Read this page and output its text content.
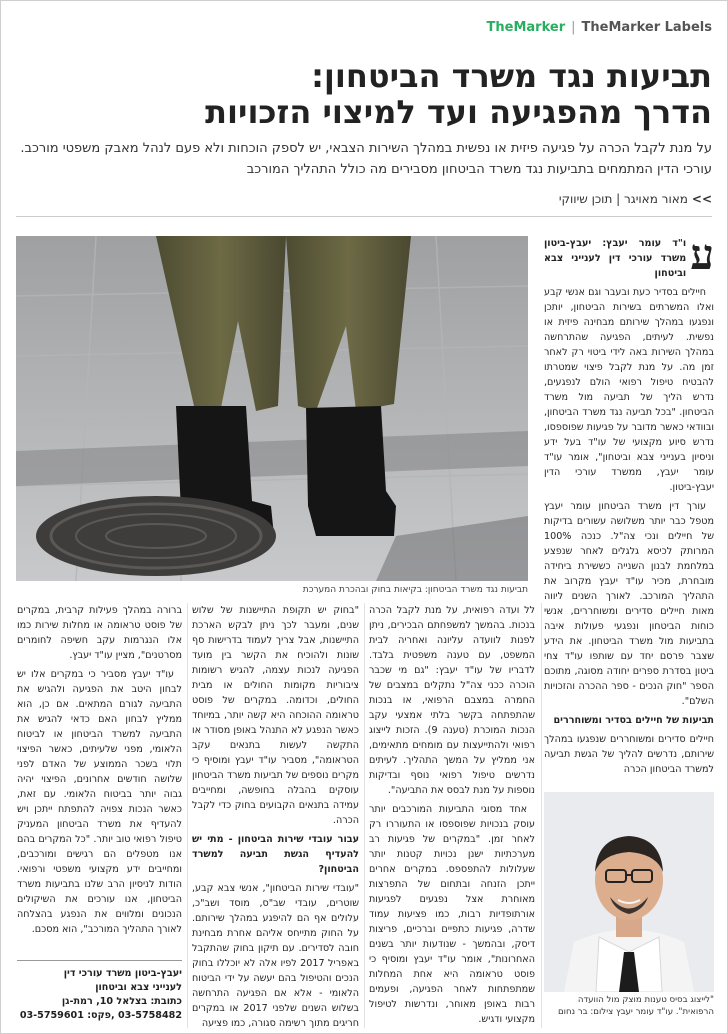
TheMarker | TheMarker Labels
תביעות נגד משרד הביטחון:
הדרך מהפגיעה ועד למיצוי הזכויות
על מנת לקבל הכרה על פגיעה פיזית או נפשית במהלך השירות הצבאי, יש לספק הוכחות ולא פעם לנהל מאבק משפטי מורכב. עורכי הדין המתמחים בתביעות נגד משרד הביטחון מסבירים מה כולל התהליך המורכב
>>מאור מאויגר | תוכן שיווקי
תביעות נגד משרד הביטחון: בקיאות בחוק ובהכרת המערכת
ע

ו"ד עומר יעבץ: יעבץ-ביטון משרד עורכי דין לענייני צבא וביטחון

חיילים בסדיר כעת ובעבר וגם אנשי קבע ואלו המשרתים בשירות הביטחון, יותכן ונפגעו במהלך שירותם מבחינה פיזית או נפשית. לעיתים, הפגיעה שהתרחשה במהלך השירות באה לידי ביטוי רק לאחר זמן מה. על מנת לקבל פיצוי שמטרתו להבטיח טיפול רפואי הולם לנפגעים, נדרש הליך של תביעה מול משרד הביטחון. "בכל תביעה נגד משרד הביטחון, ובוודאי כאשר מדובר על פגיעות שפוספסו, נדרש סיוע מקצועי של עו"ד בעל ידע וניסיון בענייני צבא וביטחון", אומר עו"ד עומר יעבץ, ממשרד עורכי הדין יעבץ-ביטון.

עורך דין משרד הביטחון עומר יעבץ מטפל כבר יותר משלושה עשורים בדיקות של חיילים ונכי צה"ל. כנכה 100% המרותק לכיסא גלגלים לאחר שנפצע במלחמת לבנון השנייה כששירת ביחידה מובחרת, מכיר עו"ד יעבץ מקרוב את התהליך המורכב. לאורך השנים ליווה מאות חיילים סדירים ומשוחררים, אנשי כוחות הביטחון ונפגעי פעולות איבה בתביעות מול משרד הביטחון. את הידע שצבר פרסם יחד עם שותפו עו"ד צחי ביטון בסדרת ספרים יחודה מסוגה, מתוכם הספר "חוק הנכים - ספר ההכרה והזכויות השלם".

תביעות של חיילים בסדיר ומשוחררים

חיילים סדירים ומשוחררים שנפגעו במהלך שירותם, נדרשים להליך של הגשת תביעה למשרד הביטחון הכרה

לל ועדה רפואית, על מנת לקבל הכרה בנכות. בהמשך למשפחתם הבכירים, ניתן לפנות לוועדה עליונה ואחריה לבית המשפט, עם טענה משפטית בלבד. לדבריו של עו"ד יעבץ: "גם מי שכבר הוכרה ככני צה"ל נתקלים במצבים של החמרה במצבם הרפואי, או בנכות שהתפתחה בקשר בלתי אמצעי עקב הנכות המוכרת (טענה 9). הזכות לייצוג רפואי ולהתייעצות עם מומחים מתאימים, אני ממליץ על המשך התהליך. לעיתים נדרשים טיפול רפואי נוסף ובדיקות נוספות על מנת לבסס את התביעה".

אחד מסוגי התביעות המורכבים יותר עוסק בנכויות שפוספסו או התעוררו רק לאחר זמן. "במקרים של פגיעות רב מערכתיות ישנן נכויות קטנות יותר שעלולות להתפספס. במקרים אחרים ייתכן הזנחה ובתחום של התפרצות מאוחרת אצל נפגעים לפגיעות אורתופדיות רבות, כמו פציעות עמוד שדרה, פגיעות כתפיים וברכיים, פריצות דיסק, ובהמשך - שנודעות יותר בשנים האחרונות", אומר עו"ד יעבץ ומוסיף כי פוסט טראומה היא אחת המחלות שמתפתחות לאחר הפגיעה, ופעמים רבות באופן מאוחר, ונדרשות לטיפול מקצועי ודגיש.

"בחוק יש תקופת התיישנות של שלוש שנים, ומעבר לכך ניתן לבקש הארכת התיישנות, אבל צריך לעמוד בדרישות סף שונות ולהוכיח את הקשר בין מועד הפגיעה לנכות עצמה, להגיש רשומות ציבוריות מקומות החולים או מבית החולים, וכדומה. במקרים של פוסט טראומה ההוכחה היא קשה יותר, במיוחד כאשר הנפגע לא התנהל באופן מסודר או התקשה לעשות בתנאים עקב הטראומה", מסביר עו"ד יעבץ ומוסיף כי מקרים נוספים של תביעות משרד הביטחון עוסקים בהבלה בחופשה, ומחייבים עמידה בתנאים הקבועים בחוק כדי לקבל הכרה.

עבור עובדי שירות הביטחון - מתי יש להעדיף הגשת תביעה למשרד הביטחון?

"עובדי שירות הביטחון", אנשי צבא קבע, שוטרים, עובדי שב"ס, מוסד ושב"כ, עלולים אף הם להיפגע במהלך שירותם. על החוק מתייחס אליהם אחרת מבחינת חובה לסדירים. עם תיקון בחוק שהתקבל באפריל 2017 לפיו אלה לא יוכללו בחוק הנכים והטיפול בהם יעשה על ידי הביטוח הלאומי - אלא אם הפגיעה התרחשה בשלוש השנים שלפני 2017 או במקרים חריגים מתוך רשימה סגורה, כמו פציעה

ברורה במהלך פעילות קרבית, במקרים של פוסט טראומה או מחלות שירות כמו אלו הנגרמות עקב חשיפה לחומרים מסרטנים", מציין עו"ד יעבץ.

עו"ד יעבץ מסביר כי במקרים אלו יש לבחון היטב את הפגיעה ולהגיש את התביעה לגורם המתאים. אם כן, הוא ממליץ לבחון האם כדאי להגיש את התביעה למשרד הביטחון או לביטוח הלאומי, מפני שלעיתים, כאשר הפיצוי תלוי בשכר הממוצע של האדם לפני שלושה חודשים אחרונים, הפיצוי יהיה גבוה יותר בביטוח הלאומי. עם זאת, כאשר הנכות צפויה להתפתח ייתכן ויש להעדיף את משרד הביטחון המעניק טיפול רפואי טוב יותר. "כל המקרים בהם אנו מטפלים הם רגישים ומורכבים, ומחייבים ידע מקצועי משפטי ורפואי. הודות לניסיון הרב שלנו בתביעות משרד הביטחון, אנו עורכים את השיקולים הנכונים ומלווים את הנפגע בהצלחה לאורך התהליך המורכב", הוא מסכם.

יעבץ-ביטון משרד עורכי דין
לענייני צבא וביטחון
כתובת: בצלאל 10, רמת-גן
03-5758482 ,פקס: 03-5759601
"לייצוג בסיס טענות מוצק מול הוועדה הרפואית". עו"ד עומר יעבץ צילום: בר נחום
